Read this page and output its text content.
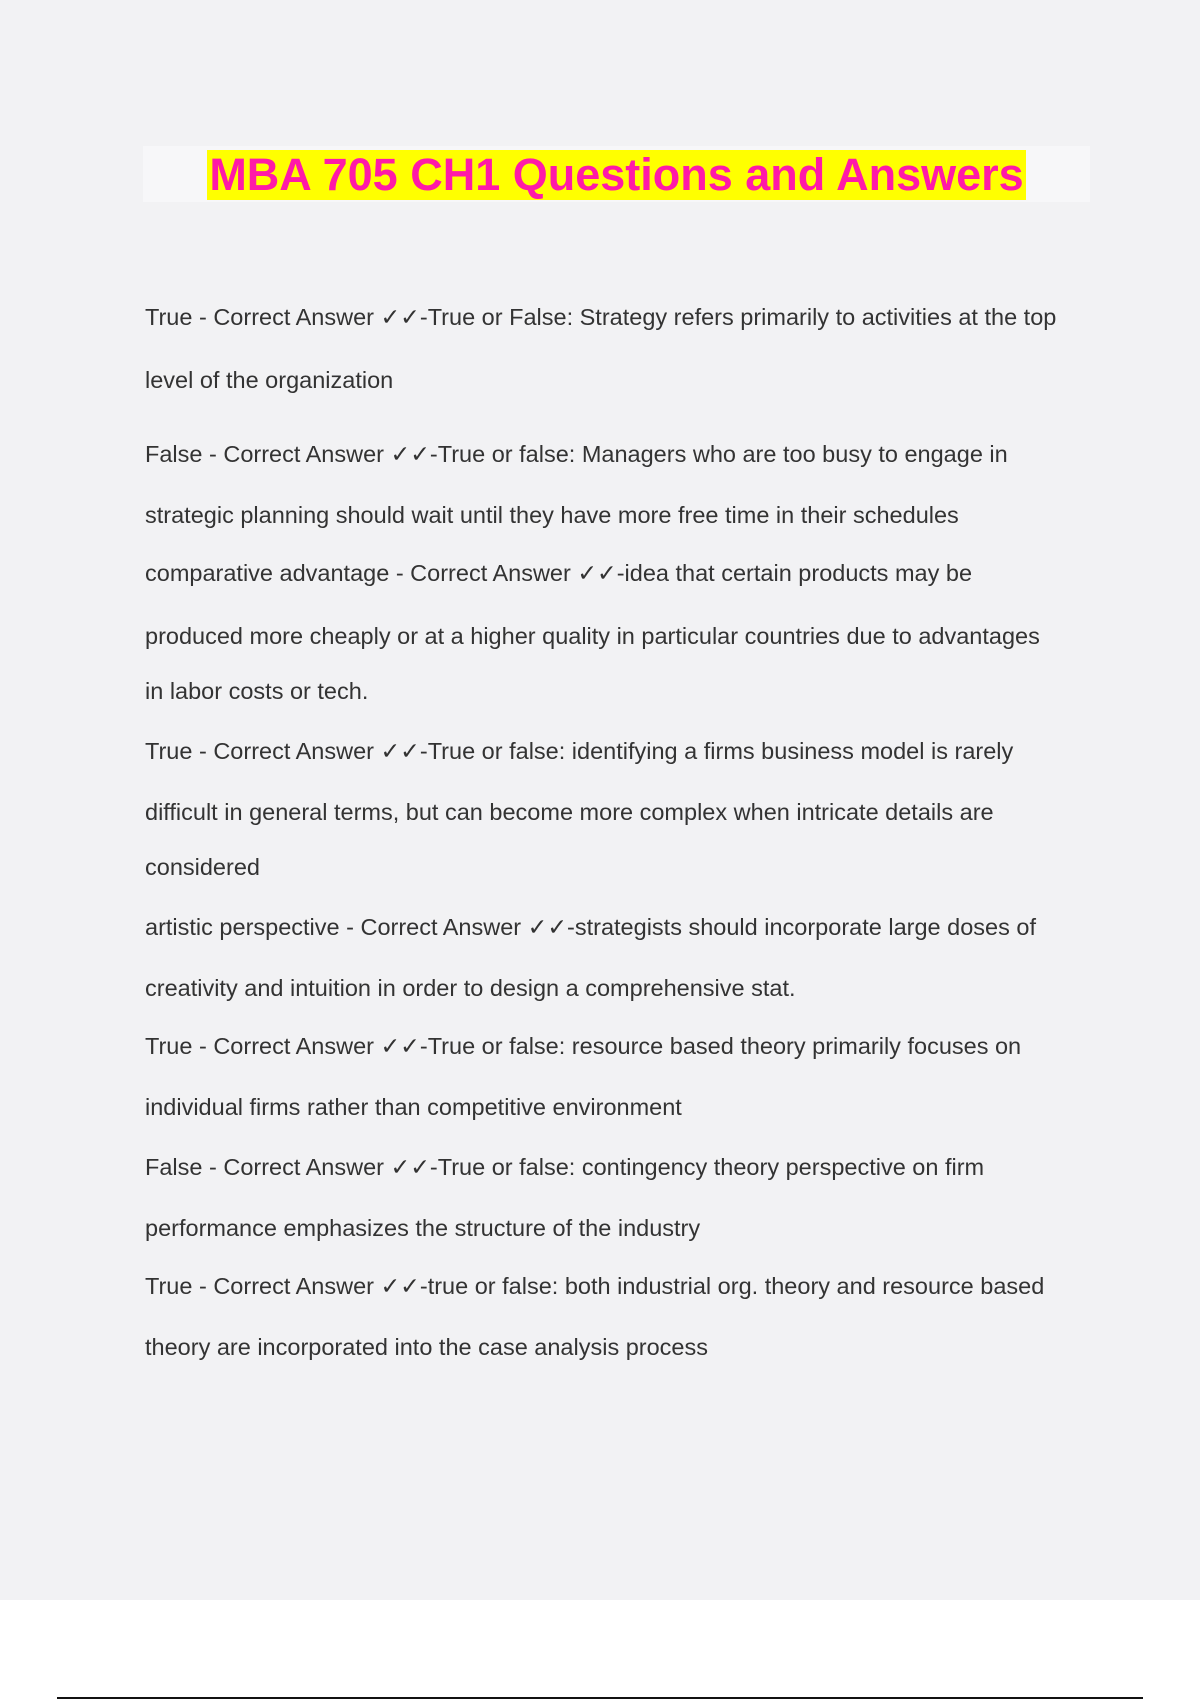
MBA 705 CH1 Questions and Answers
True - Correct Answer ✓✓-True or False: Strategy refers primarily to activities at the top
level of the organization
False - Correct Answer ✓✓-True or false: Managers who are too busy to engage in
strategic planning should wait until they have more free time in their schedules
comparative advantage - Correct Answer ✓✓-idea that certain products may be
produced more cheaply or at a higher quality in particular countries due to advantages
in labor costs or tech.
True - Correct Answer ✓✓-True or false: identifying a firms business model is rarely
difficult in general terms, but can become more complex when intricate details are
considered
artistic perspective - Correct Answer ✓✓-strategists should incorporate large doses of
creativity and intuition in order to design a comprehensive stat.
True - Correct Answer ✓✓-True or false: resource based theory primarily focuses on
individual firms rather than competitive environment
False - Correct Answer ✓✓-True or false: contingency theory perspective on firm
performance emphasizes the structure of the industry
True - Correct Answer ✓✓-true or false: both industrial org. theory and resource based
theory are incorporated into the case analysis process
